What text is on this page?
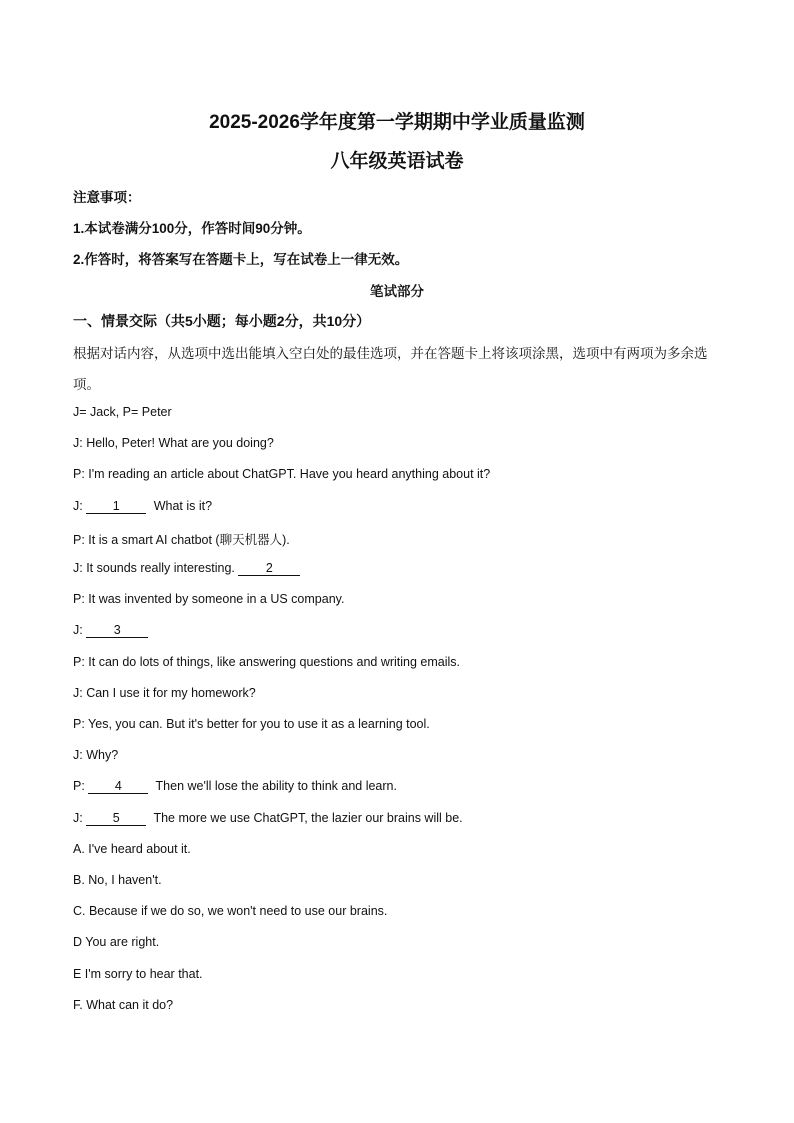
2025-2026学年度第一学期期中学业质量监测
八年级英语试卷
注意事项：
1.本试卷满分100分，作答时间90分钟。
2.作答时，将答案写在答题卡上，写在试卷上一律无效。
笔试部分
一、情景交际（共5小题；每小题2分，共10分）
根据对话内容，从选项中选出能填入空白处的最佳选项，并在答题卡上将该项涂黑，选项中有两项为多余选项。
J= Jack, P= Peter
J: Hello, Peter! What are you doing?
P: I'm reading an article about ChatGPT. Have you heard anything about it?
J: 1	What is it?
P: It is a smart AI chatbot (聊天机器人).
J: It sounds really interesting. 2
P: It was invented by someone in a US company.
J: 3
P: It can do lots of things, like answering questions and writing emails.
J: Can I use it for my homework?
P: Yes, you can. But it's better for you to use it as a learning tool.
J: Why?
P: 4	Then we'll lose the ability to think and learn.
J: 5	The more we use ChatGPT, the lazier our brains will be.
A. I've heard about it.
B. No, I haven't.
C. Because if we do so, we won't need to use our brains.
D You are right.
E I'm sorry to hear that.
F. What can it do?
